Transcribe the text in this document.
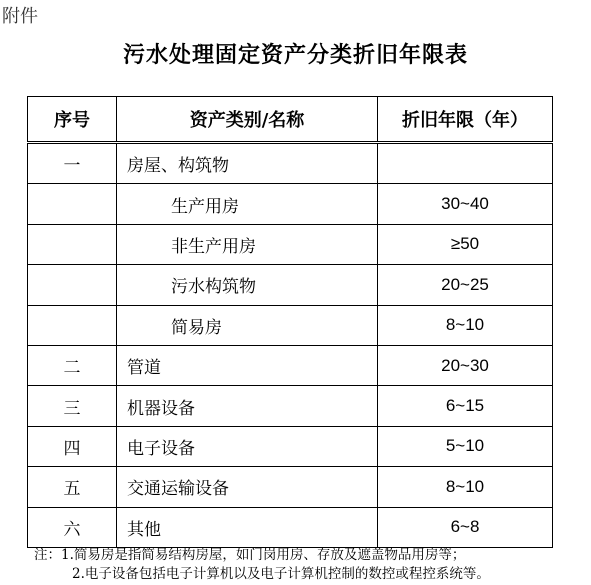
附件
污水处理固定资产分类折旧年限表
序号	资产类别/名称	折旧年限（年）
一	房屋、构筑物	
	生产用房	30~40
	非生产用房	≥50
	污水构筑物	20~25
	简易房	8~10
二	管道	20~30
三	机器设备	6~15
四	电子设备	5~10
五	交通运输设备	8~10
六	其他	6~8
注：1.简易房是指简易结构房屋，如门岗用房、存放及遮盖物品用房等；
2.电子设备包括电子计算机以及电子计算机控制的数控或程控系统等。
